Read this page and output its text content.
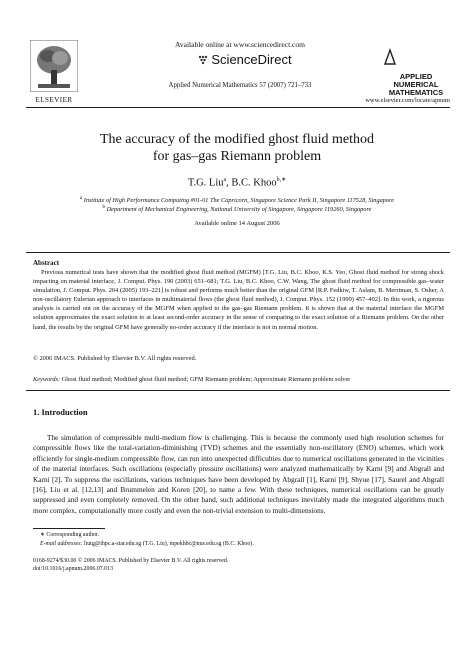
ELSEVIER
Available online at www.sciencedirect.com
ScienceDirect
Applied Numerical Mathematics 57 (2007) 721–733
APPLIED
NUMERICAL
MATHEMATICS
www.elsevier.com/locate/apnum
The accuracy of the modified ghost fluid method
for gas–gas Riemann problem
T.G. Liu$^a$, B.C. Khoo$^{b,∗}$
$^a$ Institute of High Performance Computing #01-01 The Capricorn, Singapore Science Park II, Singapore 117528, Singapore
$^b$ Department of Mechanical Engineering, National University of Singapore, Singapore 119260, Singapore
Available online 14 August 2006
Abstract
Previous numerical tests have shown that the modified ghost fluid method (MGFM) [T.G. Liu, B.C. Khoo, K.S. Yeo, Ghost fluid method for strong shock impacting on material interface, J. Comput. Phys. 190 (2003) 651–681; T.G. Liu, B.C. Khoo, C.W. Wang, The ghost fluid method for compressible gas–water simulation, J. Comput. Phys. 204 (2005) 193–221] is robust and performs much better than the original GFM [R.P. Fedkiw, T. Aslam, B. Merriman, S. Osher, A non-oscillatory Eulerian approach to interfaces in multimaterial flows (the ghost fluid method), J. Comput. Phys. 152 (1999) 457–492]. In this work, a rigorous analysis is carried out on the accuracy of the MGFM when applied to the gas–gas Riemann problem. It is shown that at the material interface the MGFM solution approximates the exact solution to at least second-order accuracy in the sense of comparing to the exact solution of a Riemann problem. On the other hand, the results by the original GFM have generally no-order accuracy if the interface is not in normal motion.
© 2006 IMACS. Published by Elsevier B.V. All rights reserved.
Keywords: Ghost fluid method; Modified ghost fluid method; GFM Riemann problem; Approximate Riemann problem solver
1. Introduction
The simulation of compressible multi-medium flow is challenging. This is because the commonly used high resolution schemes for compressible flows like the total-variation-diminishing (TVD) schemes and the essentially non-oscillatory (ENO) schemes, which work efficiently for single-medium compressible flow, can run into unexpected difficulties due to numerical oscillations generated in the vicinities of the material interfaces. Such oscillations (especially pressure oscillations) were analyzed mathematically by Karni [9] and Abgrall and Karni [2]. To suppress the oscillations, various techniques have been developed by Abgrall [1], Karni [9], Shyue [17], Saurel and Abgrall [16], Liu et al. [12,13] and Brummelen and Koren [20], to name a few. With these techniques, numerical oscillations can be greatly suppressed and even completely removed. On the other hand, such additional techniques inevitably made the integrated algorithms much more complex, computationally more costly and even the non-trivial extension to multi-dimensions.
∗ Corresponding author.
E-mail addresses: liutg@ihpc.a-star.edu.sg (T.G. Liu), mpekhbc@nus.edu.sg (B.C. Khoo).
0168-9274/$30.00 © 2006 IMACS. Published by Elsevier B.V. All rights reserved.
doi:10.1016/j.apnum.2006.07.013
